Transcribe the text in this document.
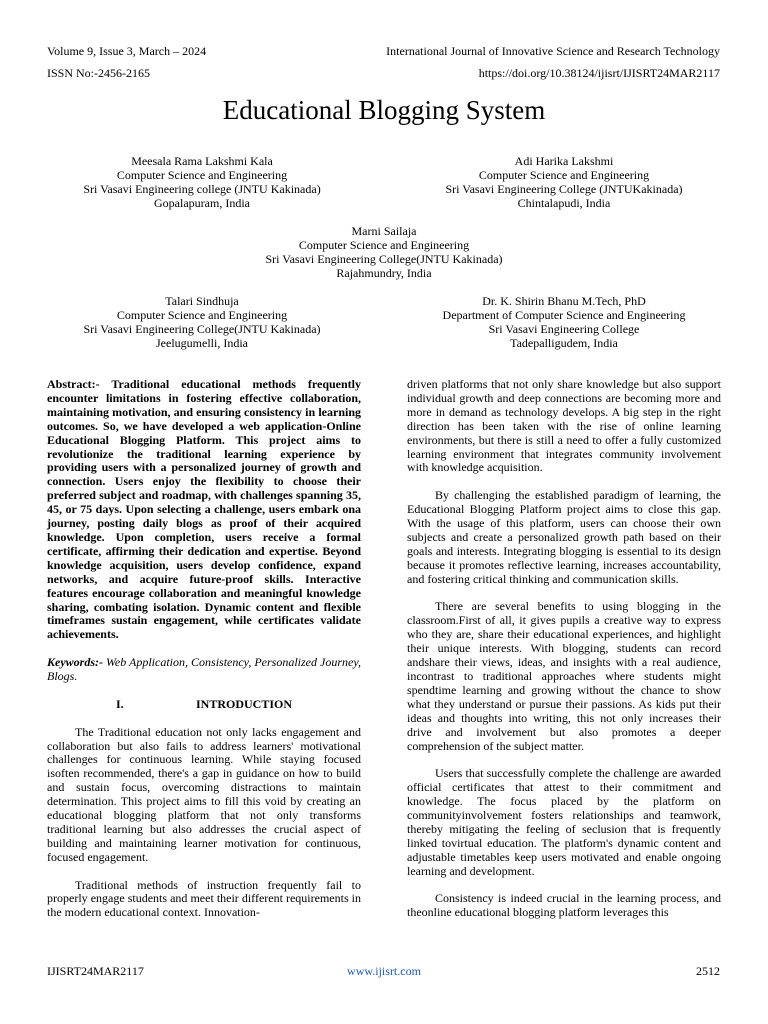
Volume 9, Issue 3, March – 2024	International Journal of Innovative Science and Research Technology
ISSN No:-2456-2165	https://doi.org/10.38124/ijisrt/IJISRT24MAR2117
Educational Blogging System
Meesala Rama Lakshmi Kala
Computer Science and Engineering
Sri Vasavi Engineering college (JNTU Kakinada)
Gopalapuram, India
Adi Harika Lakshmi
Computer Science and Engineering
Sri Vasavi Engineering College (JNTUKakinada)
Chintalapudi, India
Marni Sailaja
Computer Science and Engineering
Sri Vasavi Engineering College(JNTU Kakinada)
Rajahmundry, India
Talari Sindhuja
Computer Science and Engineering
Sri Vasavi Engineering College(JNTU Kakinada)
Jeelugumelli, India
Dr. K. Shirin Bhanu M.Tech, PhD
Department of Computer Science and Engineering
Sri Vasavi Engineering College
Tadepalligudem, India

Abstract:- Traditional educational methods frequently encounter limitations in fostering effective collaboration, maintaining motivation, and ensuring consistency in learning outcomes. So, we have developed a web application-Online Educational Blogging Platform. This project aims to revolutionize the traditional learning experience by providing users with a personalized journey of growth and connection. Users enjoy the flexibility to choose their preferred subject and roadmap, with challenges spanning 35, 45, or 75 days. Upon selecting a challenge, users embark ona journey, posting daily blogs as proof of their acquired knowledge. Upon completion, users receive a formal certificate, affirming their dedication and expertise. Beyond knowledge acquisition, users develop confidence, expand networks, and acquire future-proof skills. Interactive features encourage collaboration and meaningful knowledge sharing, combating isolation. Dynamic content and flexible timeframes sustain engagement, while certificates validate achievements.

Keywords:- Web Application, Consistency, Personalized Journey, Blogs.

I.	INTRODUCTION

The Traditional education not only lacks engagement and collaboration but also fails to address learners' motivational challenges for continuous learning. While staying focused isoften recommended, there's a gap in guidance on how to build and sustain focus, overcoming distractions to maintain determination. This project aims to fill this void by creating an educational blogging platform that not only transforms traditional learning but also addresses the crucial aspect of building and maintaining learner motivation for continuous, focused engagement.

Traditional methods of instruction frequently fail to properly engage students and meet their different requirements in the modern educational context. Innovation-

driven platforms that not only share knowledge but also support individual growth and deep connections are becoming more and more in demand as technology develops. A big step in the right direction has been taken with the rise of online learning environments, but there is still a need to offer a fully customized learning environment that integrates community involvement with knowledge acquisition.

By challenging the established paradigm of learning, the Educational Blogging Platform project aims to close this gap. With the usage of this platform, users can choose their own subjects and create a personalized growth path based on their goals and interests. Integrating blogging is essential to its design because it promotes reflective learning, increases accountability, and fostering critical thinking and communication skills.

There are several benefits to using blogging in the classroom.First of all, it gives pupils a creative way to express who they are, share their educational experiences, and highlight their unique interests. With blogging, students can record andshare their views, ideas, and insights with a real audience, incontrast to traditional approaches where students might spendtime learning and growing without the chance to show what they understand or pursue their passions. As kids put their ideas and thoughts into writing, this not only increases their drive and involvement but also promotes a deeper comprehension of the subject matter.

Users that successfully complete the challenge are awarded official certificates that attest to their commitment and knowledge. The focus placed by the platform on communityinvolvement fosters relationships and teamwork, thereby mitigating the feeling of seclusion that is frequently linked tovirtual education. The platform's dynamic content and adjustable timetables keep users motivated and enable ongoing learning and development.

Consistency is indeed crucial in the learning process, and theonline educational blogging platform leverages this

IJISRT24MAR2117	www.ijisrt.com	2512
